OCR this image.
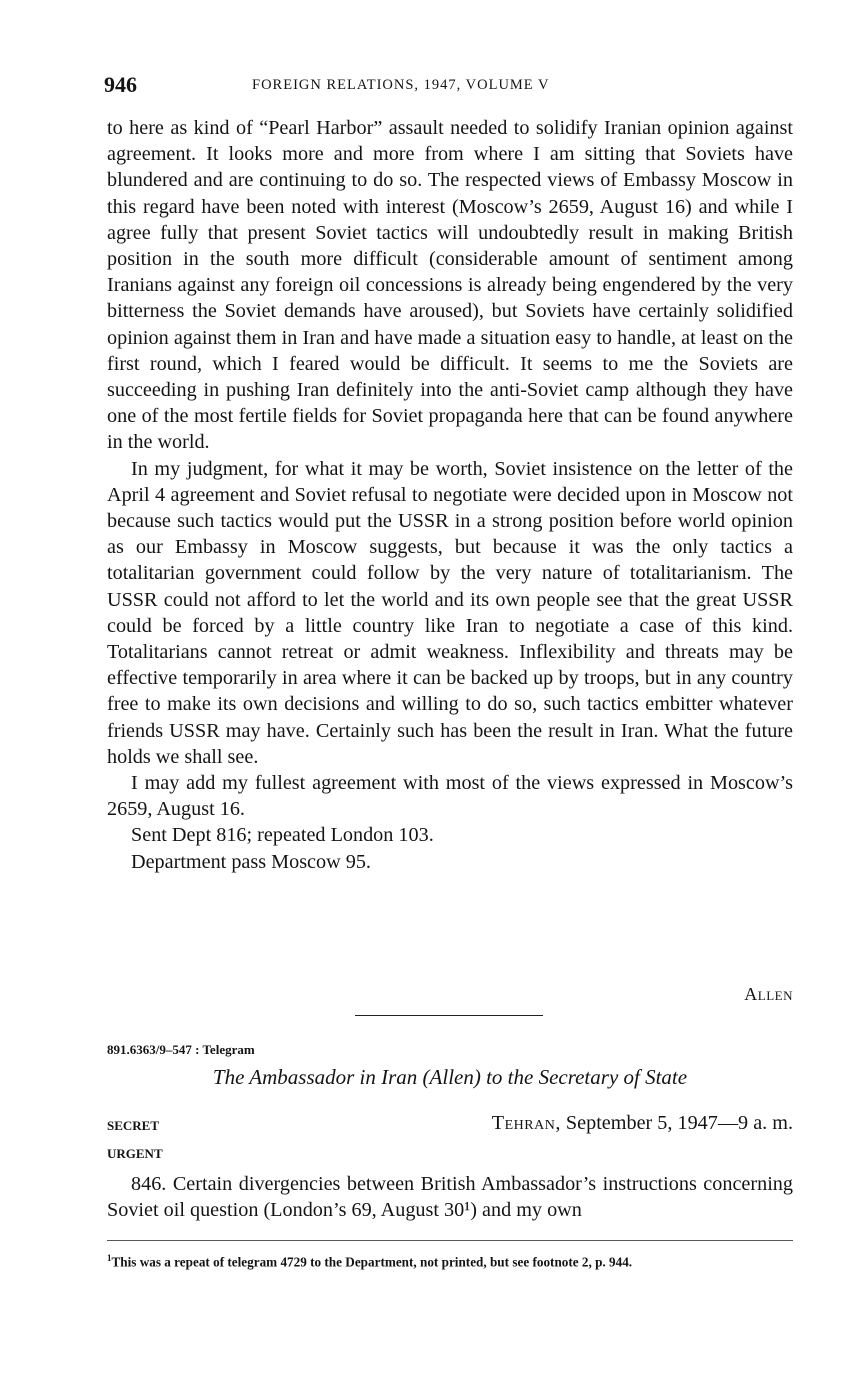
946	FOREIGN RELATIONS, 1947, VOLUME V

to here as kind of “Pearl Harbor” assault needed to solidify Iranian opinion against agreement. It looks more and more from where I am sitting that Soviets have blundered and are continuing to do so. The respected views of Embassy Moscow in this regard have been noted with interest (Moscow’s 2659, August 16) and while I agree fully that present Soviet tactics will undoubtedly result in making British position in the south more difficult (considerable amount of sentiment among Iranians against any foreign oil concessions is already being engendered by the very bitterness the Soviet demands have aroused), but Soviets have certainly solidified opinion against them in Iran and have made a situation easy to handle, at least on the first round, which I feared would be difficult. It seems to me the Soviets are succeeding in pushing Iran definitely into the anti-Soviet camp although they have one of the most fertile fields for Soviet propaganda here that can be found anywhere in the world.

In my judgment, for what it may be worth, Soviet insistence on the letter of the April 4 agreement and Soviet refusal to negotiate were decided upon in Moscow not because such tactics would put the USSR in a strong position before world opinion as our Embassy in Moscow suggests, but because it was the only tactics a totalitarian government could follow by the very nature of totalitarianism. The USSR could not afford to let the world and its own people see that the great USSR could be forced by a little country like Iran to negotiate a case of this kind. Totalitarians cannot retreat or admit weakness. Inflexibility and threats may be effective temporarily in area where it can be backed up by troops, but in any country free to make its own decisions and willing to do so, such tactics embitter whatever friends USSR may have. Certainly such has been the result in Iran. What the future holds we shall see.

I may add my fullest agreement with most of the views expressed in Moscow’s 2659, August 16.

Sent Dept 816; repeated London 103.

Department pass Moscow 95.

Allen
891.6363/9–547 : Telegram
The Ambassador in Iran (Allen) to the Secretary of State
SECRET
URGENT
Tehran, September 5, 1947—9 a. m.

846. Certain divergencies between British Ambassador’s instructions concerning Soviet oil question (London’s 69, August 30¹) and my own

$^1$This was a repeat of telegram 4729 to the Department, not printed, but see footnote 2, p. 944.
